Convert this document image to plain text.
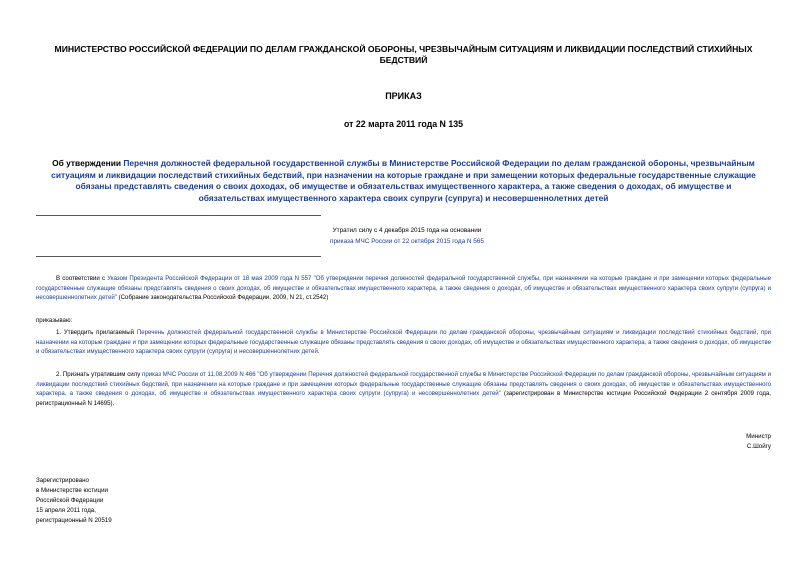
МИНИСТЕРСТВО РОССИЙСКОЙ ФЕДЕРАЦИИ ПО ДЕЛАМ ГРАЖДАНСКОЙ ОБОРОНЫ, ЧРЕЗВЫЧАЙНЫМ СИТУАЦИЯМ И ЛИКВИДАЦИИ ПОСЛЕДСТВИЙ СТИХИЙНЫХ БЕДСТВИЙ
ПРИКАЗ
от 22 марта 2011 года N 135
Об утверждении Перечня должностей федеральной государственной службы в Министерстве Российской Федерации по делам гражданской обороны, чрезвычайным ситуациям и ликвидации последствий стихийных бедствий, при назначении на которые граждане и при замещении которых федеральные государственные служащие обязаны представлять сведения о своих доходах, об имуществе и обязательствах имущественного характера, а также сведения о доходах, об имуществе и обязательствах имущественного характера своих супруги (супруга) и несовершеннолетних детей
Утратил силу с 4 декабря 2015 года на основании
приказа МЧС России от 22 октября 2015 года N 565

В соответствии с Указом Президента Российской Федерации от 18 мая 2009 года N 557 "Об утверждении перечня должностей федеральной государственной службы, при назначении на которые граждане и при замещении которых федеральные государственные служащие обязаны представлять сведения о своих доходах, об имуществе и обязательствах имущественного характера, а также сведения о доходах, об имуществе и обязательствах имущественного характера своих супруги (супруга) и несовершеннолетних детей" (Собрание законодательства Российской Федерации, 2009, N 21, ст.2542)

приказываю:

1. Утвердить прилагаемый Перечень должностей федеральной государственной службы в Министерстве Российской Федерации по делам гражданской обороны, чрезвычайным ситуациям и ликвидации последствий стихийных бедствий, при назначении на которые граждане и при замещении которых федеральные государственные служащие обязаны представлять сведения о своих доходах, об имуществе и обязательствах имущественного характера, а также сведения о доходах, об имуществе и обязательствах имущественного характера своих супруги (супруга) и несовершеннолетних детей.

2. Признать утратившим силу приказ МЧС России от 11.08.2009 N 466 "Об утверждении Перечня должностей федеральной государственной службы в Министерстве Российской Федерации по делам гражданской обороны, чрезвычайным ситуациям и ликвидации последствий стихийных бедствий, при назначении на которые граждане и при замещении которых федеральные государственные служащие обязаны представлять сведения о своих доходах, об имуществе и обязательствах имущественного характера, а также сведения о доходах, об имуществе и обязательствах имущественного характера своих супруги (супруга) и несовершеннолетних детей" (зарегистрирован в Министерстве юстиции Российской Федерации 2 сентября 2009 года, регистрационный N 14695).

Министр
С.Шойгу
Зарегистрировано
в Министерстве юстиции
Российской Федерации
15 апреля 2011 года,
регистрационный N 20519
